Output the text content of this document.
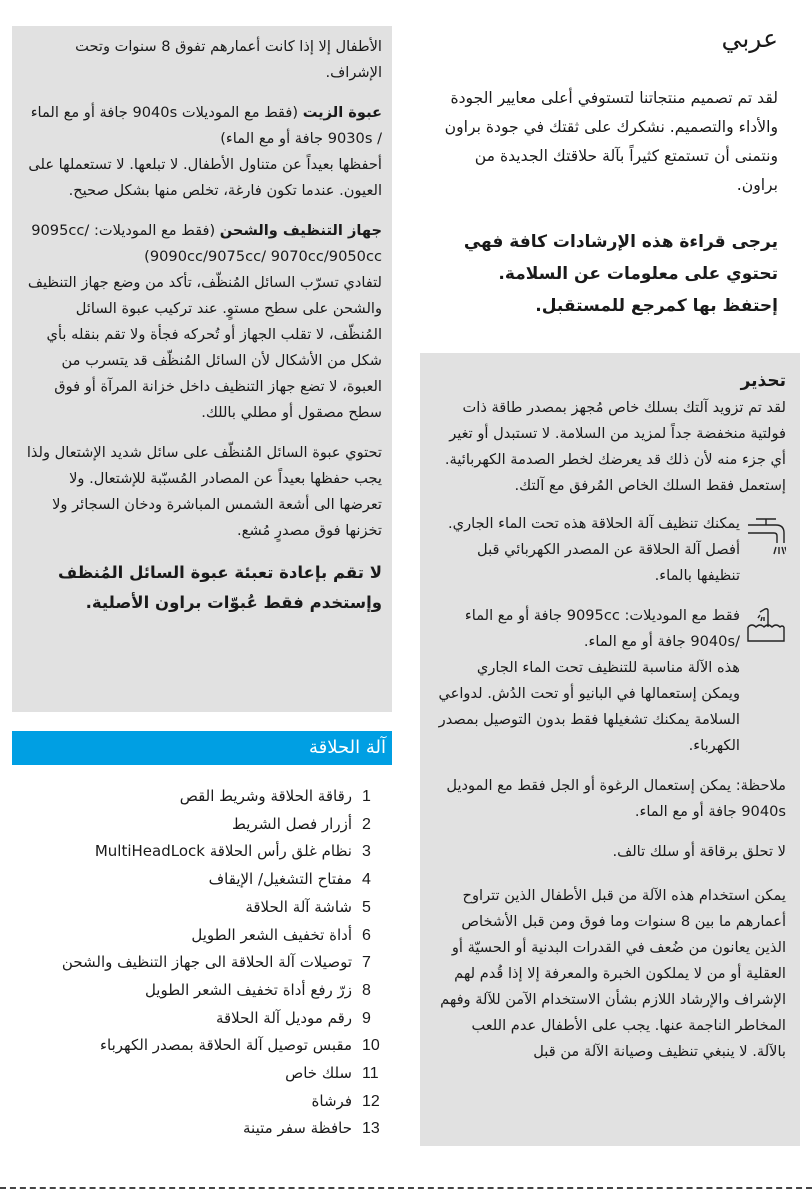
عربي

لقد تم تصميم منتجاتنا لتستوفي أعلى معايير الجودة والأداء والتصميم. نشكرك على ثقتك في جودة براون ونتمنى أن تستمتع كثيراً بآلة حلاقتك الجديدة من براون.

يرجى قراءة هذه الإرشادات كافة فهي تحتوي على معلومات عن السلامة. إحتفظ بها كمرجع للمستقبل.

تحذير

لقد تم تزويد آلتك بسلك خاص مُجهز بمصدر طاقة ذات فولتية منخفضة جداً لمزيد من السلامة. لا تستبدل أو تغير أي جزء منه لأن ذلك قد يعرضك لخطر الصدمة الكهربائية.

إستعمل فقط السلك الخاص المُرفق مع آلتك.

يمكنك تنظيف آلة الحلاقة هذه تحت الماء الجاري. أفصل آلة الحلاقة عن المصدر الكهربائي قبل تنظيفها بالماء.

فقط مع الموديلات: 9095cc جافة أو مع الماء /9040s جافة أو مع الماء.

هذه الآلة مناسبة للتنظيف تحت الماء الجاري ويمكن إستعمالها في البانيو أو تحت الدُش. لدواعي السلامة يمكنك تشغيلها فقط بدون التوصيل بمصدر الكهرباء.

ملاحظة: يمكن إستعمال الرغوة أو الجل فقط مع الموديل 9040s جافة أو مع الماء.

لا تحلق برقاقة أو سلك تالف.

يمكن استخدام هذه الآلة من قبل الأطفال الذين تتراوح أعمارهم ما بين 8 سنوات وما فوق ومن قبل الأشخاص الذين يعانون من ضُعف في القدرات البدنية أو الحسيّة أو العقلية أو من لا يملكون الخبرة والمعرفة إلا إذا قُدم لهم الإشراف والإرشاد اللازم بشأن الاستخدام الآمن للآلة وفهم المخاطر الناجمة عنها. يجب على الأطفال عدم اللعب بالآلة. لا ينبغي تنظيف وصيانة الآلة من قبل

الأطفال إلا إذا كانت أعمارهم تفوق 8 سنوات وتحت الإشراف.

عبوة الزيت (فقط مع الموديلات 9040s جافة أو مع الماء / 9030s جافة أو مع الماء)

أحفظها بعيداً عن متناول الأطفال. لا تبلعها. لا تستعملها على العيون. عندما تكون فارغة، تخلص منها بشكل صحيح.

جهاز التنظيف والشحن (فقط مع الموديلات: 9095cc/ 9090cc/9075cc/ 9070cc/9050cc)

لتفادي تسرّب السائل المُنظّف، تأكد من وضع جهاز التنظيف والشحن على سطح مستوٍ. عند تركيب عبوة السائل المُنظّف، لا تقلب الجهاز أو تُحركه فجأة ولا تقم بنقله بأي شكل من الأشكال لأن السائل المُنظّف قد يتسرب من العبوة، لا تضع جهاز التنظيف داخل خزانة المرآة أو فوق سطح مصقول أو مطلي باللك.

تحتوي عبوة السائل المُنظّف على سائل شديد الإشتعال ولذا يجب حفظها بعيداً عن المصادر المُسبّبة للإشتعال. ولا تعرضها الى أشعة الشمس المباشرة ودخان السجائر ولا تخزنها فوق مصدرٍ مُشع.

لا تقم بإعادة تعبئة عبوة السائل المُنظف وإستخدم فقط عُبوّات براون الأصلية.

آلة الحلاقة
1
رقاقة الحلاقة وشريط القص
2
أزرار فصل الشريط
3
نظام غلق رأس الحلاقة MultiHeadLock
4
مفتاح التشغيل/ الإيقاف
5
شاشة آلة الحلاقة
6
أداة تخفيف الشعر الطويل
7
توصيلات آلة الحلاقة الى جهاز التنظيف والشحن
8
زرّ رفع أداة تخفيف الشعر الطويل
9
رقم موديل آلة الحلاقة
10
مقبس توصيل آلة الحلاقة بمصدر الكهرباء
11
سلك خاص
12
فرشاة
13
حافظة سفر متينة
